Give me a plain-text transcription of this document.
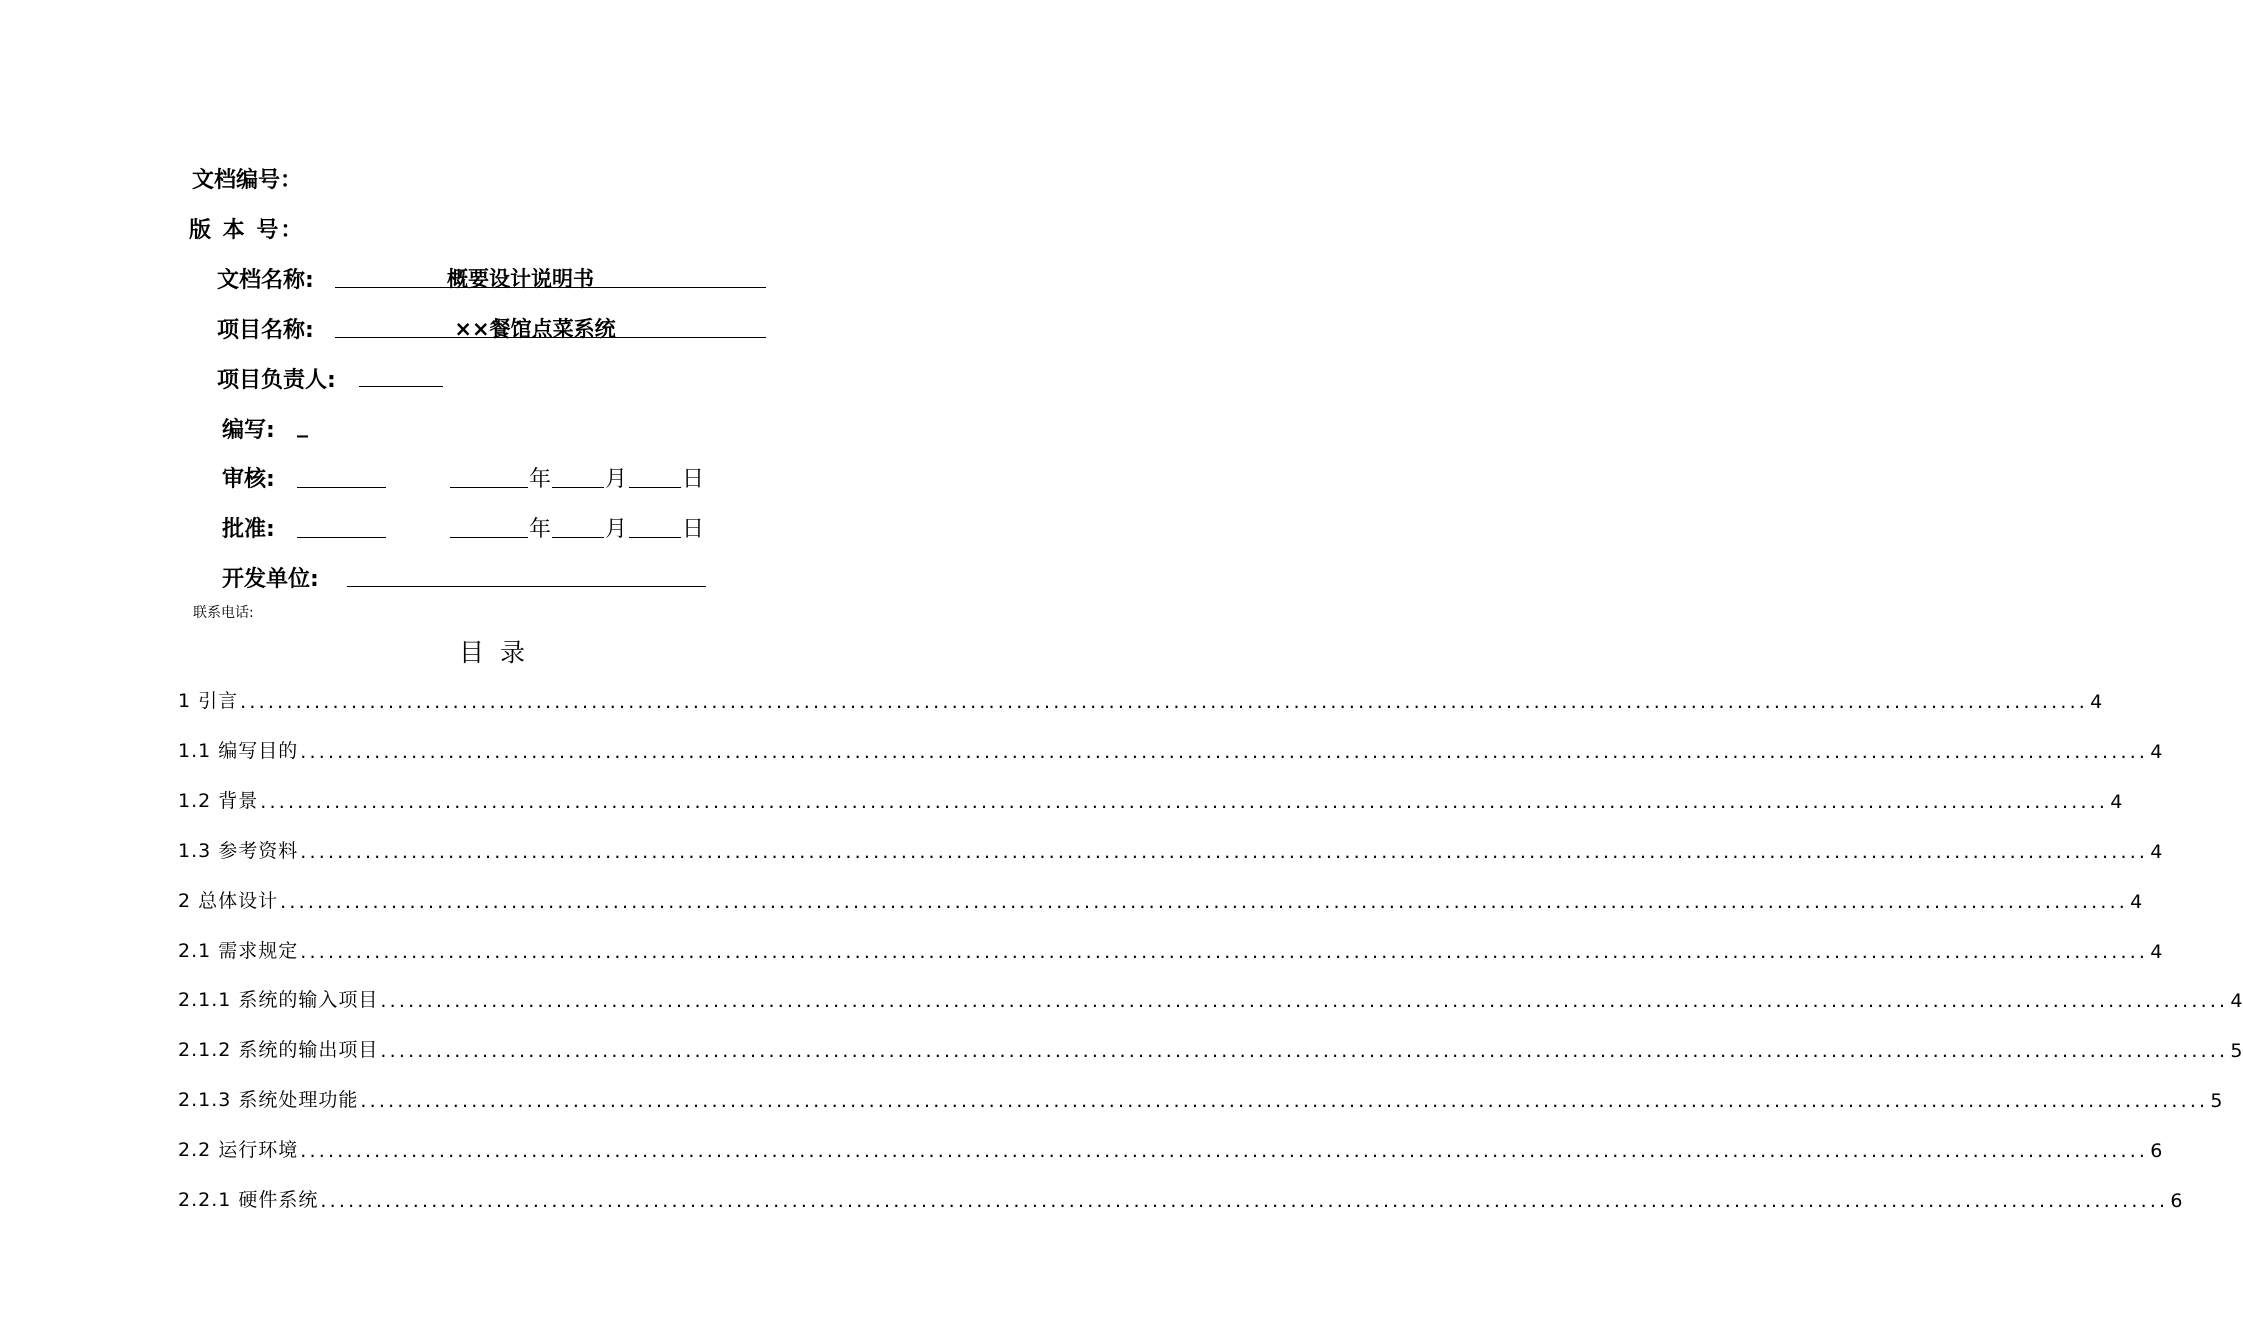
文档编号：
版 本 号：
文档名称:	概要设计说明书
项目名称:	××餐馆点菜系统
项目负责人:
编写: _
审核:	年 月 日
批准:	年 月 日
开发单位:
联系电话:
目  录
1 引言 ........................................................................................................................................................................................................ 4
1.1 编写目的 ........................................................................................................................................................................................................ 4
1.2 背景 ........................................................................................................................................................................................................ 4
1.3 参考资料 ........................................................................................................................................................................................................ 4
2 总体设计 ........................................................................................................................................................................................................ 4
2.1 需求规定 ........................................................................................................................................................................................................ 4
2.1.1 系统的输入项目 ........................................................................................................................................................................................................ 4
2.1.2 系统的输出项目 ........................................................................................................................................................................................................ 5
2.1.3 系统处理功能 ........................................................................................................................................................................................................ 5
2.2 运行环境 ........................................................................................................................................................................................................ 6
2.2.1 硬件系统 ........................................................................................................................................................................................................ 6
